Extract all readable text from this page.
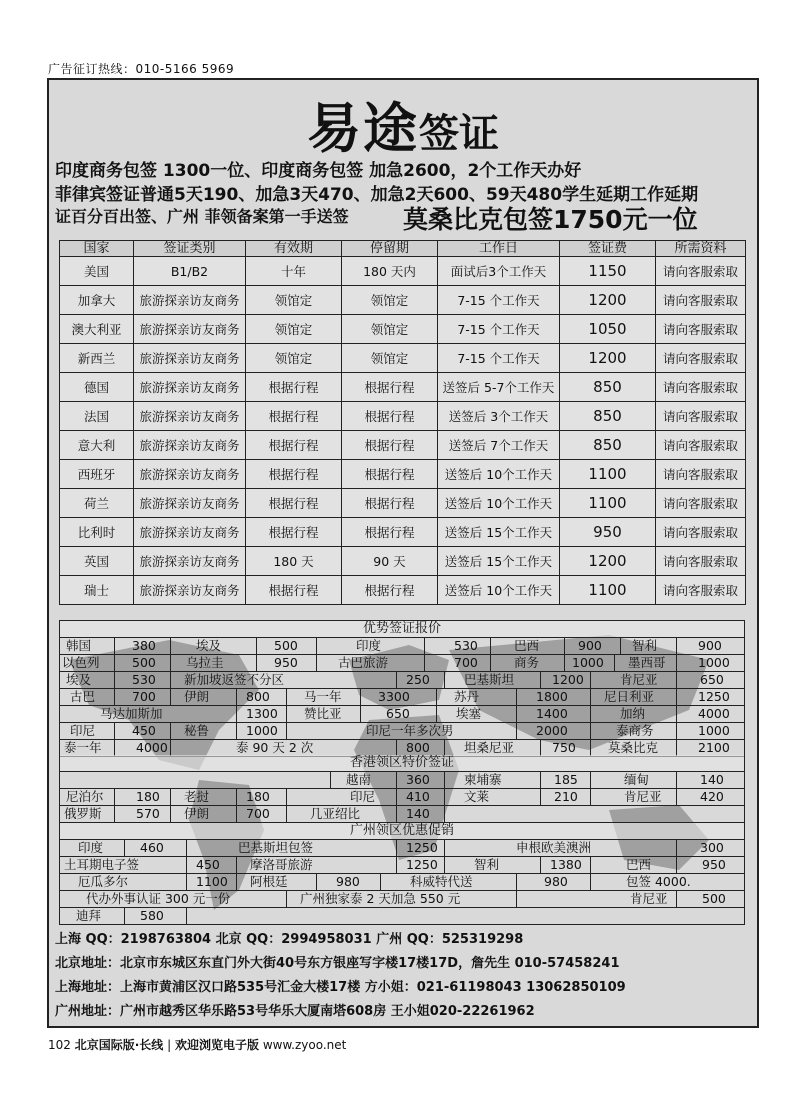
广告征订热线：010-5166 5969
易途签证
印度商务包签 1300一位、印度商务包签 加急2600，2个工作天办好
菲律宾签证普通5天190、加急3天470、加急2天600、59天480学生延期工作延期
证百分百出签、广州 菲领备案第一手送签 莫桑比克包签1750元一位
国家	签证类别	有效期	停留期	工作日	签证费	所需资料
美国	B1/B2	十年	180 天内	面试后3个工作天	1150	请向客服索取
加拿大	旅游探亲访友商务	领馆定	领馆定	7-15 个工作天	1200	请向客服索取
澳大利亚	旅游探亲访友商务	领馆定	领馆定	7-15 个工作天	1050	请向客服索取
新西兰	旅游探亲访友商务	领馆定	领馆定	7-15 个工作天	1200	请向客服索取
德国	旅游探亲访友商务	根据行程	根据行程	送签后 5-7个工作天	850	请向客服索取
法国	旅游探亲访友商务	根据行程	根据行程	送签后 3个工作天	850	请向客服索取
意大利	旅游探亲访友商务	根据行程	根据行程	送签后 7个工作天	850	请向客服索取
西班牙	旅游探亲访友商务	根据行程	根据行程	送签后 10个工作天	1100	请向客服索取
荷兰	旅游探亲访友商务	根据行程	根据行程	送签后 10个工作天	1100	请向客服索取
比利时	旅游探亲访友商务	根据行程	根据行程	送签后 15个工作天	950	请向客服索取
英国	旅游探亲访友商务	180 天	90 天	送签后 15个工作天	1200	请向客服索取
瑞士	旅游探亲访友商务	根据行程	根据行程	送签后 10个工作天	1100	请向客服索取
优势签证报价
韩国	380	埃及	500	印度	530	巴西	900 智利	900
以色列	500 乌拉圭	950	古巴旅游	700	商务	1000 墨西哥	1000
埃及	530 新加坡返签不分区	250	巴基斯坦	1200	肯尼亚	650
古巴	700 伊朗	800	马一年	3300	苏丹	1800	尼日利亚	1250
马达加斯加	1300 赞比亚	650	埃塞	1400	加纳	4000
印尼	450 秘鲁	1000	印尼一年多次男	2000	泰商务	1000
泰一年	4000	泰 90 天 2 次	800	坦桑尼亚	750	莫桑比克	2100
香港领区特价签证
越南	360	柬埔寨	185	缅甸	140
尼泊尔	180 老挝	180	印尼 410	文莱	210	肯尼亚	420
俄罗斯	570 伊朗	700	几亚绍比	140
广州领区优惠促销
印度	460	巴基斯坦包签	1250	申根欧美澳洲	300
土耳期电子签	450 摩洛哥旅游	1250	智利	1380	巴西	950
厄瓜多尔	1100 阿根廷	980	科威特代送	980	包签 4000.
代办外事认证 300 元一份	广州独家泰 2 天加急 550 元	肯尼亚	500
迪拜	580
上海 QQ：2198763804 北京 QQ：2994958031 广州 QQ：525319298
北京地址：北京市东城区东直门外大街40号东方银座写字楼17楼17D，詹先生 010-57458241
上海地址：上海市黄浦区汉口路535号汇金大楼17楼 方小姐：021-61198043 13062850109
广州地址：广州市越秀区华乐路53号华乐大厦南塔608房 王小姐020-22261962
102 北京国际版·长线 | 欢迎浏览电子版 www.zyoo.net
